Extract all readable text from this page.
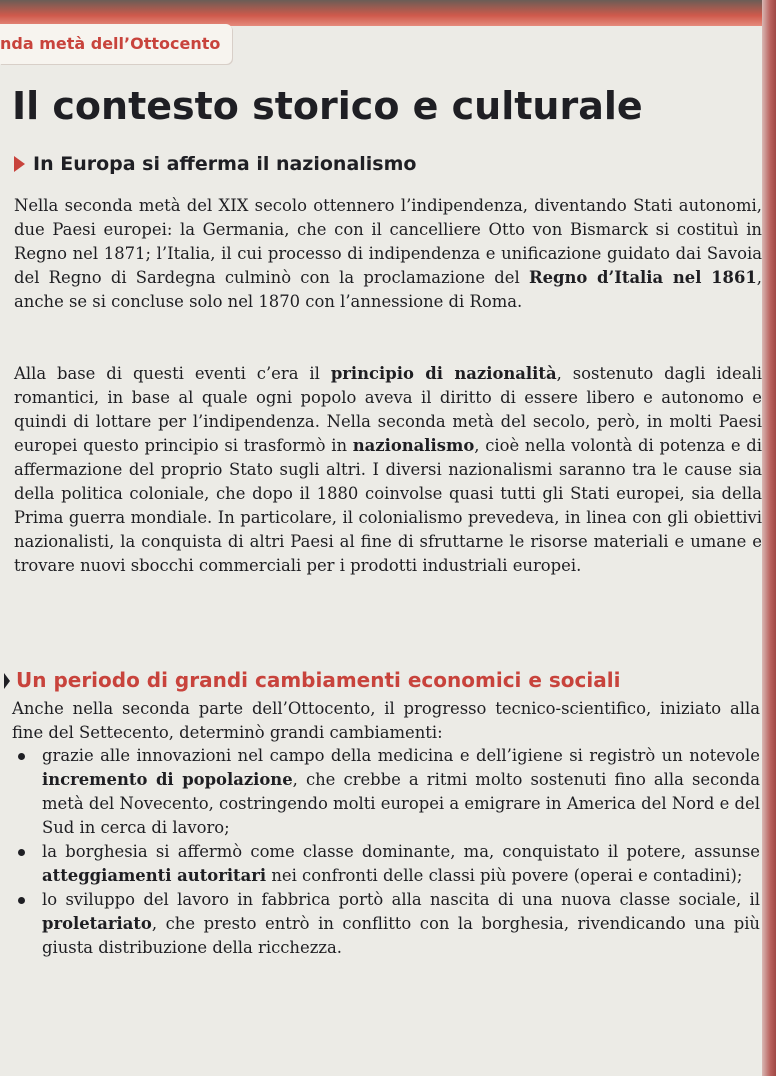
nda metà dell’Ottocento
Il contesto storico e culturale
In Europa si afferma il nazionalismo

Nella seconda metà del XIX secolo ottennero l’indipendenza, diventando Stati autonomi, due Paesi europei: la Germania, che con il cancelliere Otto von Bismarck si costituì in Regno nel 1871; l’Italia, il cui processo di indipendenza e unificazione guidato dai Savoia del Regno di Sardegna culminò con la proclamazione del Regno d’Italia nel 1861, anche se si concluse solo nel 1870 con l’annessione di Roma.

Alla base di questi eventi c’era il principio di nazionalità, sostenuto dagli ideali romantici, in base al quale ogni popolo aveva il diritto di essere libero e autonomo e quindi di lottare per l’indipendenza. Nella seconda metà del secolo, però, in molti Paesi europei questo principio si trasformò in nazionalismo, cioè nella volontà di potenza e di affermazione del proprio Stato sugli altri. I diversi nazionalismi saranno tra le cause sia della politica coloniale, che dopo il 1880 coinvolse quasi tutti gli Stati europei, sia della Prima guerra mondiale. In particolare, il colonialismo prevedeva, in linea con gli obiettivi nazionalisti, la conquista di altri Paesi al fine di sfruttarne le risorse materiali e umane e trovare nuovi sbocchi commerciali per i prodotti industriali europei.

Un periodo di grandi cambiamenti economici e sociali

Anche nella seconda parte dell’Ottocento, il progresso tecnico-scientifico, iniziato alla fine del Settecento, determinò grandi cambiamenti:

grazie alle innovazioni nel campo della medicina e dell’igiene si registrò un notevole incremento di popolazione, che crebbe a ritmi molto sostenuti fino alla seconda metà del Novecento, costringendo molti europei a emigrare in America del Nord e del Sud in cerca di lavoro;
la borghesia si affermò come classe dominante, ma, conquistato il potere, assunse atteggiamenti autoritari nei confronti delle classi più povere (operai e contadini);
lo sviluppo del lavoro in fabbrica portò alla nascita di una nuova classe sociale, il proletariato, che presto entrò in conflitto con la borghesia, rivendicando una più giusta distribuzione della ricchezza.
